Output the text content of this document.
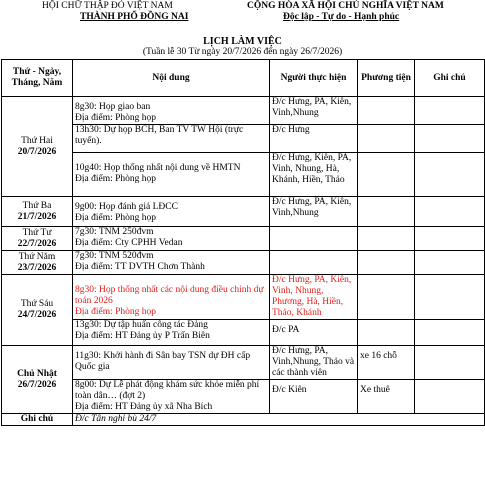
HỘI CHỮ THẬP ĐỎ VIỆT NAM
THÀNH PHỐ ĐỒNG NAI
CỘNG HÒA XÃ HỘI CHỦ NGHĨA VIỆT NAM
Độc lập - Tự do - Hạnh phúc
LỊCH LÀM VIỆC
(Tuần lễ 30 Từ ngày 20/7/2026 đến ngày 26/7/2026)
Thứ - Ngày, Tháng, Năm	Nội dung	Người thực hiện	Phương tiện	Ghi chú

Thứ Hai
20/7/2026	8g30: Họp giao ban
Địa điểm: Phòng họp	Đ/c Hưng, PA, Kiên, Vinh,Nhung		
	13h30: Dự họp BCH, Ban TV TW Hội (trực tuyến).	Đ/c Hưng		

10g40: Họp thống nhất nội dung về HMTN
Địa điểm: Phòng họp	Đ/c Hưng, Kiên, PA, Vinh, Nhung, Hà, Khánh, Hiền, Thảo		

Thứ Ba
21/7/2026	9g00: Họp đánh giá LĐCC
Địa điểm: Phòng họp	Đ/c Hưng, PA, Kiên, Vinh,Nhung		

Thứ Tư
22/7/2026	7g30: TNM 250đvm
Địa điểm: Cty CPHH Vedan			

Thứ Năm
23/7/2026	7g30: TNM 520đvm
Địa điểm: TT DVTH Chơn Thành			

Thứ Sáu
24/7/2026	8g30: Họp thống nhất các nội dung điều chỉnh dự toán 2026
Địa điểm: Phòng họp	Đ/c Hưng, PA, Kiên, Vinh, Nhung, Phương, Hà, Hiền, Thảo, Khánh		
	13g30: Dự tập huấn công tác Đảng
Địa điểm: HT Đảng ủy P Trấn Biên	Đ/c PA		

Chủ Nhật
26/7/2026	11g30: Khởi hành đi Sân bay TSN dự ĐH cấp Quốc gia	Đ/c Hưng, PA, Vinh,Nhung, Thảo và các thành viên	xe 16 chỗ	
	8g00: Dự Lễ phát động khám sức khỏe miễn phí toàn dân… (đợt 2)
Địa điểm: HT Đảng ủy xã Nha Bích	Đ/c Kiên	Xe thuê	
Ghi chú	Đ/c Tân nghỉ bù 24/7			
